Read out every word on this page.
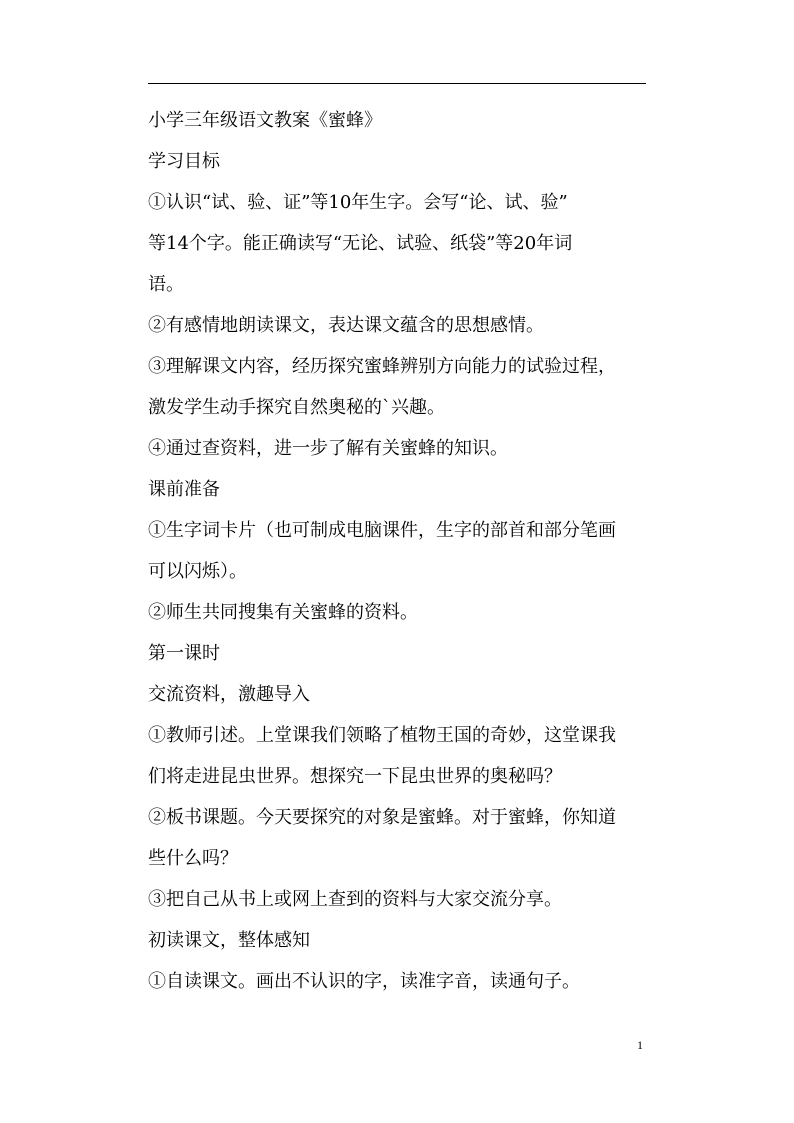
小学三年级语文教案《蜜蜂》
学习目标
①认识“试、验、证”等10年生字。会写“论、试、验”
等14个字。能正确读写“无论、试验、纸袋”等20年词
语。
②有感情地朗读课文，表达课文蕴含的思想感情。
③理解课文内容，经历探究蜜蜂辨别方向能力的试验过程，
激发学生动手探究自然奥秘的`兴趣。
④通过查资料，进一步了解有关蜜蜂的知识。
课前准备
①生字词卡片（也可制成电脑课件，生字的部首和部分笔画
可以闪烁）。
②师生共同搜集有关蜜蜂的资料。
第一课时
交流资料，激趣导入
①教师引述。上堂课我们领略了植物王国的奇妙，这堂课我
们将走进昆虫世界。想探究一下昆虫世界的奥秘吗？
②板书课题。今天要探究的对象是蜜蜂。对于蜜蜂，你知道
些什么吗？
③把自己从书上或网上查到的资料与大家交流分享。
初读课文，整体感知
①自读课文。画出不认识的字，读准字音，读通句子。
1
